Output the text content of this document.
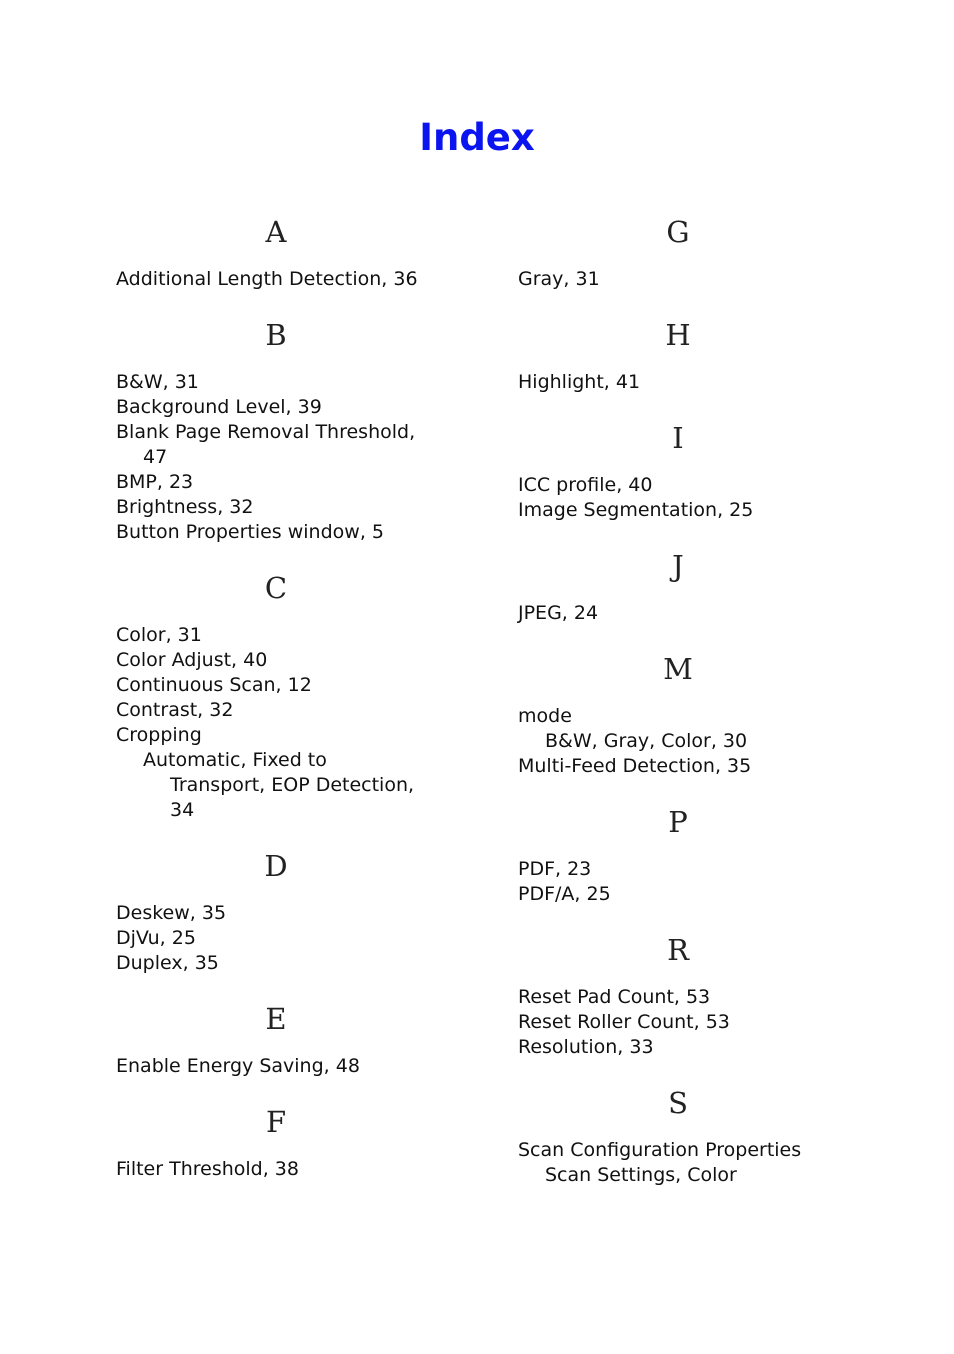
Index
A
Additional Length Detection, 36
B
B&W, 31
Background Level, 39
Blank Page Removal Threshold,
47
BMP, 23
Brightness, 32
Button Properties window, 5
C
Color, 31
Color Adjust, 40
Continuous Scan, 12
Contrast, 32
Cropping
Automatic, Fixed to
Transport, EOP Detection,
34
D
Deskew, 35
DjVu, 25
Duplex, 35
E
Enable Energy Saving, 48
F
Filter Threshold, 38
G
Gray, 31
H
Highlight, 41
I
ICC profile, 40
Image Segmentation, 25
J
JPEG, 24
M
mode
B&W, Gray, Color, 30
Multi-Feed Detection, 35
P
PDF, 23
PDF/A, 25
R
Reset Pad Count, 53
Reset Roller Count, 53
Resolution, 33
S
Scan Configuration Properties
Scan Settings, Color
